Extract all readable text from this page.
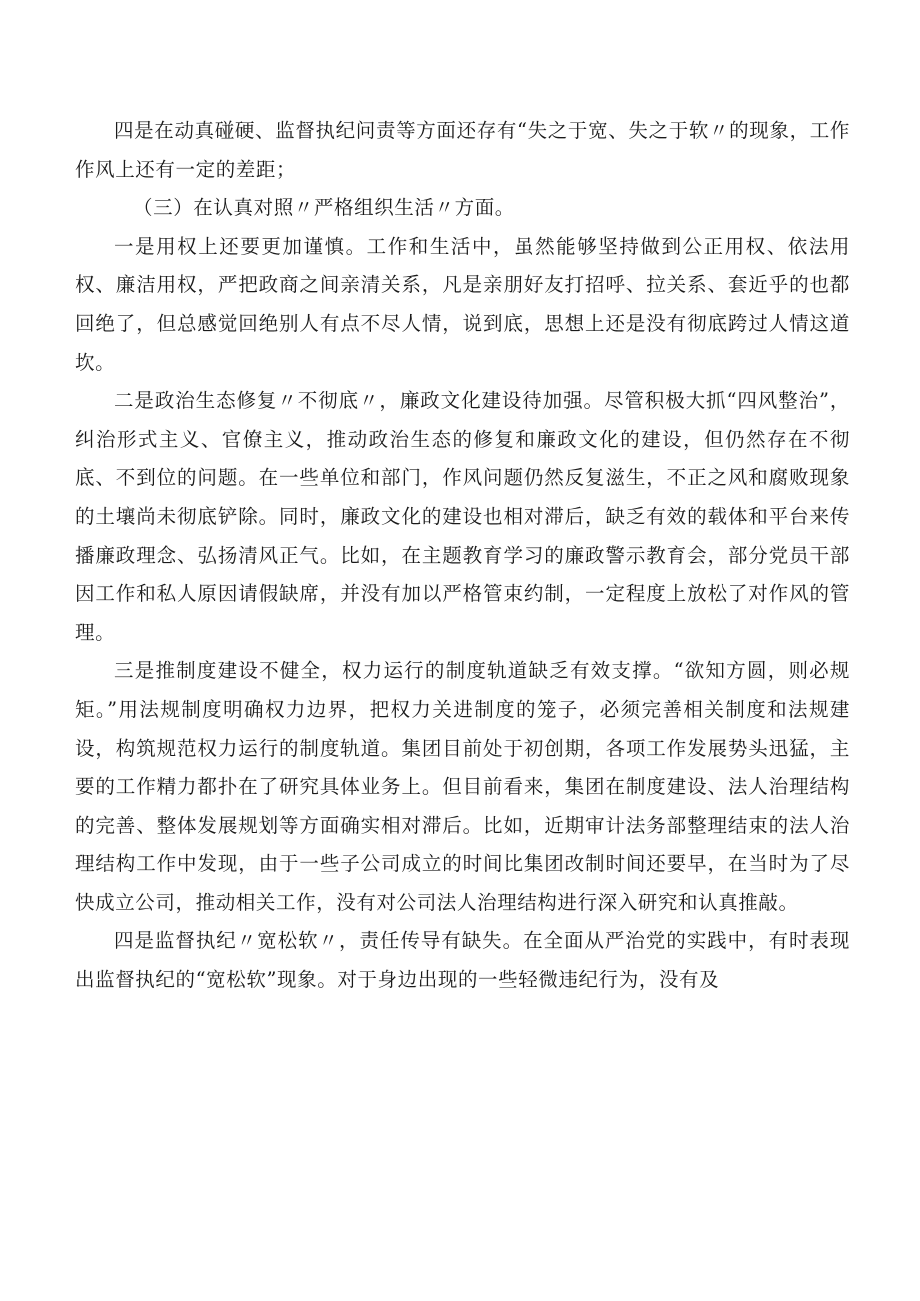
四是在动真碰硬、监督执纪问责等方面还存有“失之于宽、失之于软〃的现象，工作作风上还有一定的差距；

（三）在认真对照〃严格组织生活〃方面。

一是用权上还要更加谨慎。工作和生活中，虽然能够坚持做到公正用权、依法用权、廉洁用权，严把政商之间亲清关系，凡是亲朋好友打招呼、拉关系、套近乎的也都回绝了，但总感觉回绝别人有点不尽人情，说到底，思想上还是没有彻底跨过人情这道坎。

二是政治生态修复〃不彻底〃，廉政文化建设待加强。尽管积极大抓“四风整治”，纠治形式主义、官僚主义，推动政治生态的修复和廉政文化的建设，但仍然存在不彻底、不到位的问题。在一些单位和部门，作风问题仍然反复滋生，不正之风和腐败现象的土壤尚未彻底铲除。同时，廉政文化的建设也相对滞后，缺乏有效的载体和平台来传播廉政理念、弘扬清风正气。比如，在主题教育学习的廉政警示教育会，部分党员干部因工作和私人原因请假缺席，并没有加以严格管束约制，一定程度上放松了对作风的管理。

三是推制度建设不健全，权力运行的制度轨道缺乏有效支撑。“欲知方圆，则必规矩。”用法规制度明确权力边界，把权力关进制度的笼子，必须完善相关制度和法规建设，构筑规范权力运行的制度轨道。集团目前处于初创期，各项工作发展势头迅猛，主要的工作精力都扑在了研究具体业务上。但目前看来，集团在制度建设、法人治理结构的完善、整体发展规划等方面确实相对滞后。比如，近期审计法务部整理结束的法人治理结构工作中发现，由于一些子公司成立的时间比集团改制时间还要早，在当时为了尽快成立公司，推动相关工作，没有对公司法人治理结构进行深入研究和认真推敲。

四是监督执纪〃宽松软〃，责任传导有缺失。在全面从严治党的实践中，有时表现出监督执纪的“宽松软”现象。对于身边出现的一些轻微违纪行为，没有及
